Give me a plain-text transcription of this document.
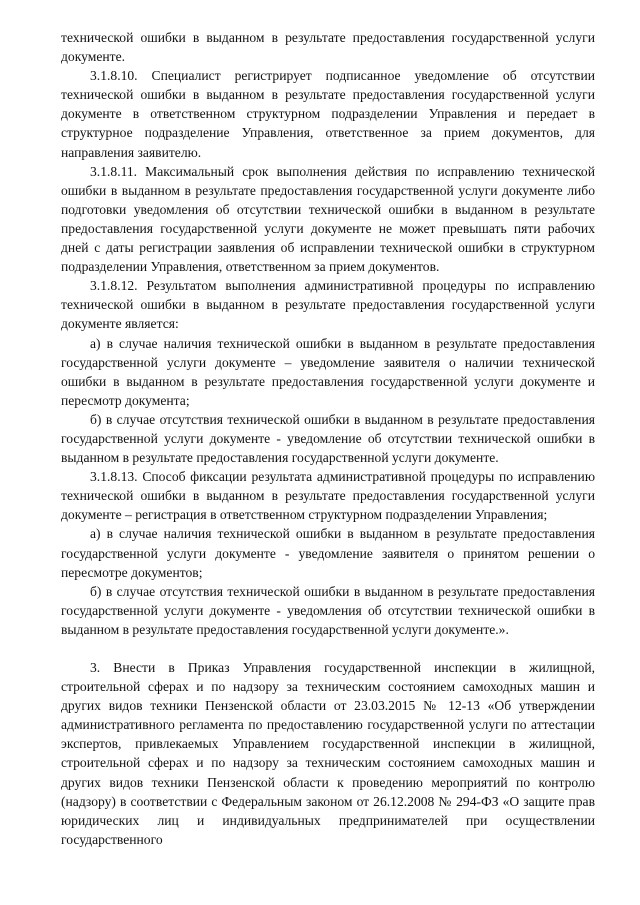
технической ошибки в выданном в результате предоставления государственной услуги документе.

3.1.8.10. Специалист регистрирует подписанное уведомление об отсутствии технической ошибки в выданном в результате предоставления государственной услуги документе в ответственном структурном подразделении Управления и передает в структурное подразделение Управления, ответственное за прием документов, для направления заявителю.

3.1.8.11. Максимальный срок выполнения действия по исправлению технической ошибки в выданном в результате предоставления государственной услуги документе либо подготовки уведомления об отсутствии технической ошибки в выданном в результате предоставления государственной услуги документе не может превышать пяти рабочих дней с даты регистрации заявления об исправлении технической ошибки в структурном подразделении Управления, ответственном за прием документов.

3.1.8.12. Результатом выполнения административной процедуры по исправлению технической ошибки в выданном в результате предоставления государственной услуги документе является:

а) в случае наличия технической ошибки в выданном в результате предоставления государственной услуги документе – уведомление заявителя о наличии технической ошибки в выданном в результате предоставления государственной услуги документе и пересмотр документа;

б) в случае отсутствия технической ошибки в выданном в результате предоставления государственной услуги документе - уведомление об отсутствии технической ошибки в выданном в результате предоставления государственной услуги документе.

3.1.8.13. Способ фиксации результата административной процедуры по исправлению технической ошибки в выданном в результате предоставления государственной услуги документе – регистрация в ответственном структурном подразделении Управления;

а) в случае наличия технической ошибки в выданном в результате предоставления государственной услуги документе - уведомление заявителя о принятом решении о пересмотре документов;

б) в случае отсутствия технической ошибки в выданном в результате предоставления государственной услуги документе - уведомления об отсутствии технической ошибки в выданном в результате предоставления государственной услуги документе.».

3. Внести в Приказ Управления государственной инспекции в жилищной, строительной сферах и по надзору за техническим состоянием самоходных машин и других видов техники Пензенской области от 23.03.2015 № 12-13 «Об утверждении административного регламента по предоставлению государственной услуги по аттестации экспертов, привлекаемых Управлением государственной инспекции в жилищной, строительной сферах и по надзору за техническим состоянием самоходных машин и других видов техники Пензенской области к проведению мероприятий по контролю (надзору) в соответствии с Федеральным законом от 26.12.2008 № 294-ФЗ «О защите прав юридических лиц и индивидуальных предпринимателей при осуществлении государственного
